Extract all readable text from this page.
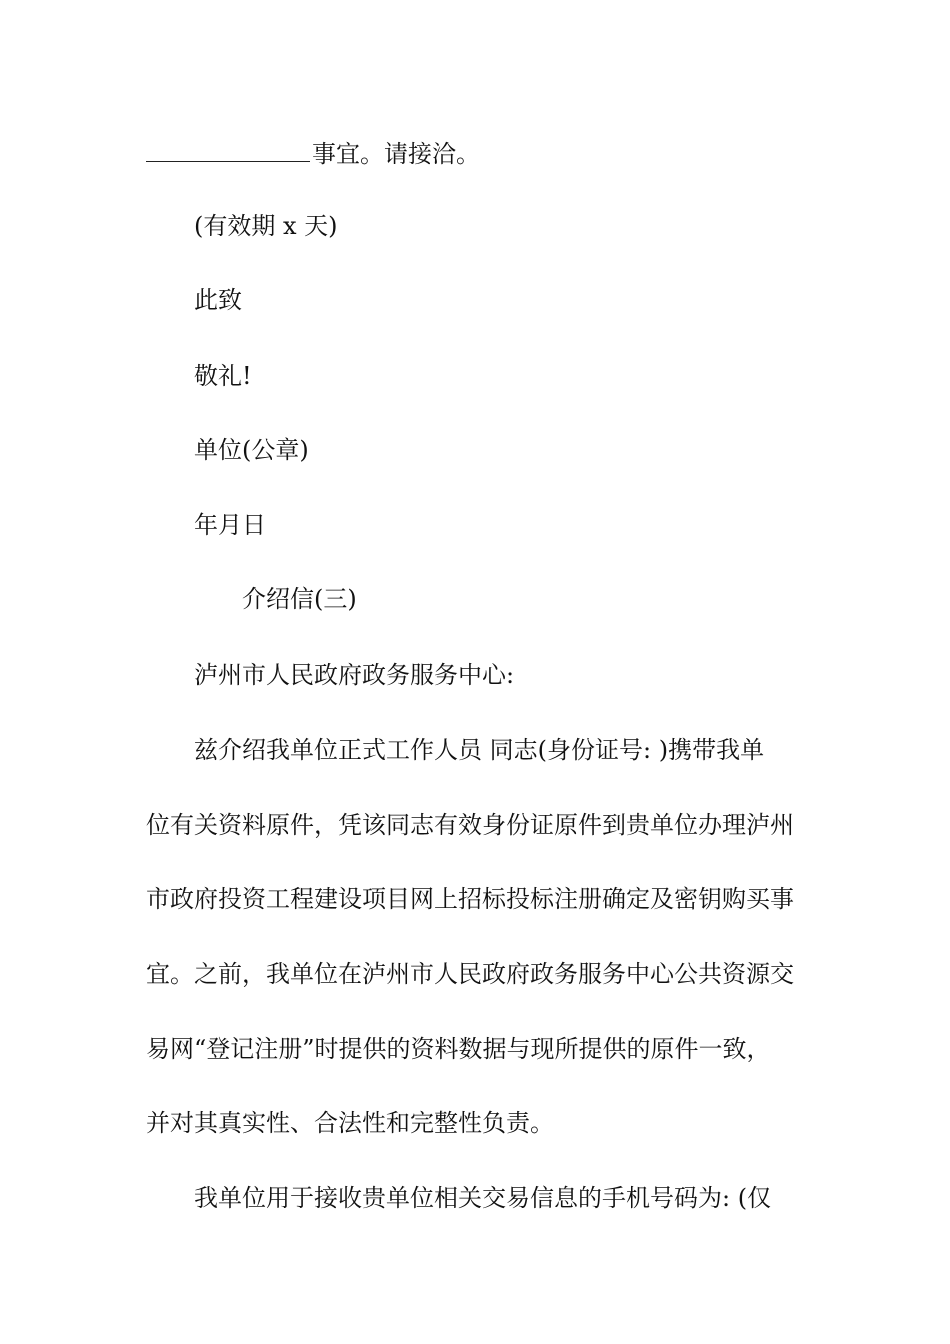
事宜。请接洽。
(有效期 x 天)
此致
敬礼!
单位(公章)
年月日
介绍信(三)
泸州市人民政府政务服务中心:
兹介绍我单位正式工作人员 同志(身份证号: )携带我单
位有关资料原件，凭该同志有效身份证原件到贵单位办理泸州
市政府投资工程建设项目网上招标投标注册确定及密钥购买事
宜。之前，我单位在泸州市人民政府政务服务中心公共资源交
易网“登记注册”时提供的资料数据与现所提供的原件一致，
并对其真实性、合法性和完整性负责。
我单位用于接收贵单位相关交易信息的手机号码为: (仅
